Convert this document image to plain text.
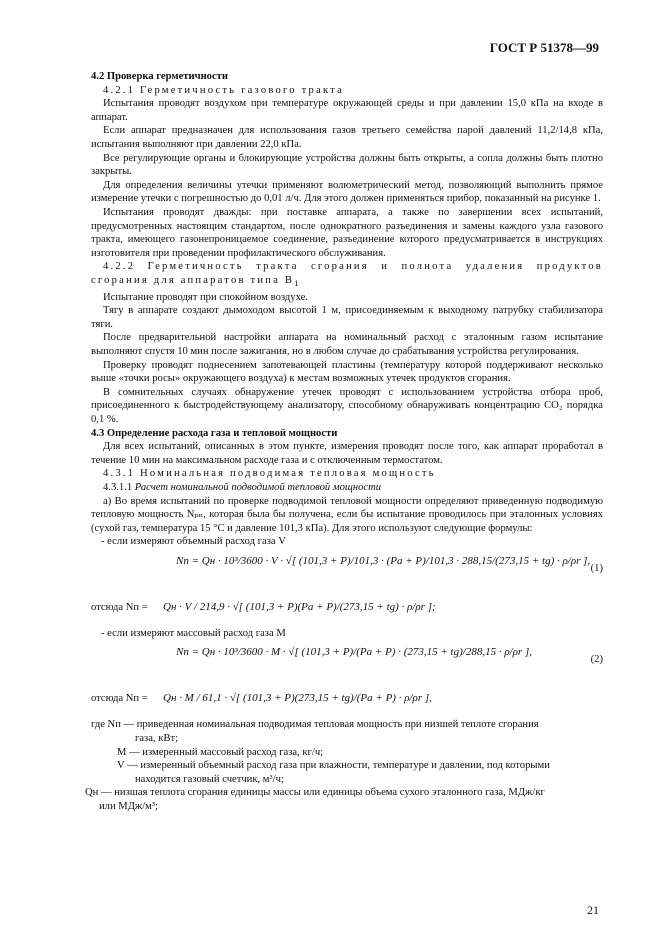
ГОСТ Р 51378—99
4.2 Проверка герметичности
4.2.1 Герметичность газового тракта
Испытания проводят воздухом при температуре окружающей среды и при давлении 15,0 кПа на входе в аппарат.
Если аппарат предназначен для использования газов третьего семейства парой давлений 11,2/14,8 кПа, испытания выполняют при давлении 22,0 кПа.
Все регулирующие органы и блокирующие устройства должны быть открыты, а сопла должны быть плотно закрыты.
Для определения величины утечки применяют волюметрический метод, позволяющий выполнить прямое измерение утечки с погрешностью до 0,01 л/ч. Для этого должен применяться прибор, показанный на рисунке 1.
Испытания проводят дважды: при поставке аппарата, а также по завершении всех испытаний, предусмотренных настоящим стандартом, после однократного разъединения и замены каждого узла газового тракта, имеющего газонепроницаемое соединение, разъединение которого предусматривается в инструкциях изготовителя при проведении профилактического обслуживания.
4.2.2 Герметичность тракта сгорания и полнота удаления продуктов сгорания для аппаратов типа $B_1$
Испытание проводят при спокойном воздухе.
Тягу в аппарате создают дымоходом высотой 1 м, присоединяемым к выходному патрубку стабилизатора тяги.
После предварительной настройки аппарата на номинальный расход с эталонным газом испытание выполняют спустя 10 мин после зажигания, но в любом случае до срабатывания устройства регулирования.
Проверку проводят поднесением запотевающей пластины (температуру которой поддерживают несколько выше «точки росы» окружающего воздуха) к местам возможных утечек продуктов сгорания.
В сомнительных случаях обнаружение утечек проводят с использованием устройства отбора проб, присоединенного к быстродействующему анализатору, способному обнаруживать концентрацию CO₂ порядка 0,1 %.
4.3 Определение расхода газа и тепловой мощности
Для всех испытаний, описанных в этом пункте, измерения проводят после того, как аппарат проработал в течение 10 мин на максимальном расходе газа и с отключенным термостатом.
4.3.1 Номинальная подводимая тепловая мощность
4.3.1.1 Расчет номинальной подводимой тепловой мощности
а) Во время испытаний по проверке подводимой тепловой мощности определяют приведенную подводимую тепловую мощность Nₚₙ, которая была бы получена, если бы испытание проводилось при эталонных условиях (сухой газ, температура 15 °C и давление 101,3 кПа). Для этого используют следующие формулы:
- если измеряют объемный расход газа V
Nп = Qн · 10³/3600 · V · √[ (101,3 + P)/101,3 · (Pa + P)/101,3 · 288,15/(273,15 + tg) · ρ/ρr ],
(1)
отсюда Nп = Qн · V / 214,9 · √[ (101,3 + P)(Pa + P)/(273,15 + tg) · ρ/ρr ];
- если измеряют массовый расход газа M
Nп = Qн · 10³/3600 · M · √[ (101,3 + P)/(Pa + P) · (273,15 + tg)/288,15 · ρ/ρr ],
(2)
отсюда Nп = Qн · M / 61,1 · √[ (101,3 + P)(273,15 + tg)/(Pa + P) · ρ/ρr ],
где Nп — приведенная номинальная подводимая тепловая мощность при низшей теплоте сгорания
газа, кВт;
M — измеренный массовый расход газа, кг/ч;
V — измеренный объемный расход газа при влажности, температуре и давлении, под которыми
находится газовый счетчик, м³/ч;
Qн — низшая теплота сгорания единицы массы или единицы объема сухого эталонного газа, МДж/кг
или МДж/м³;
21
